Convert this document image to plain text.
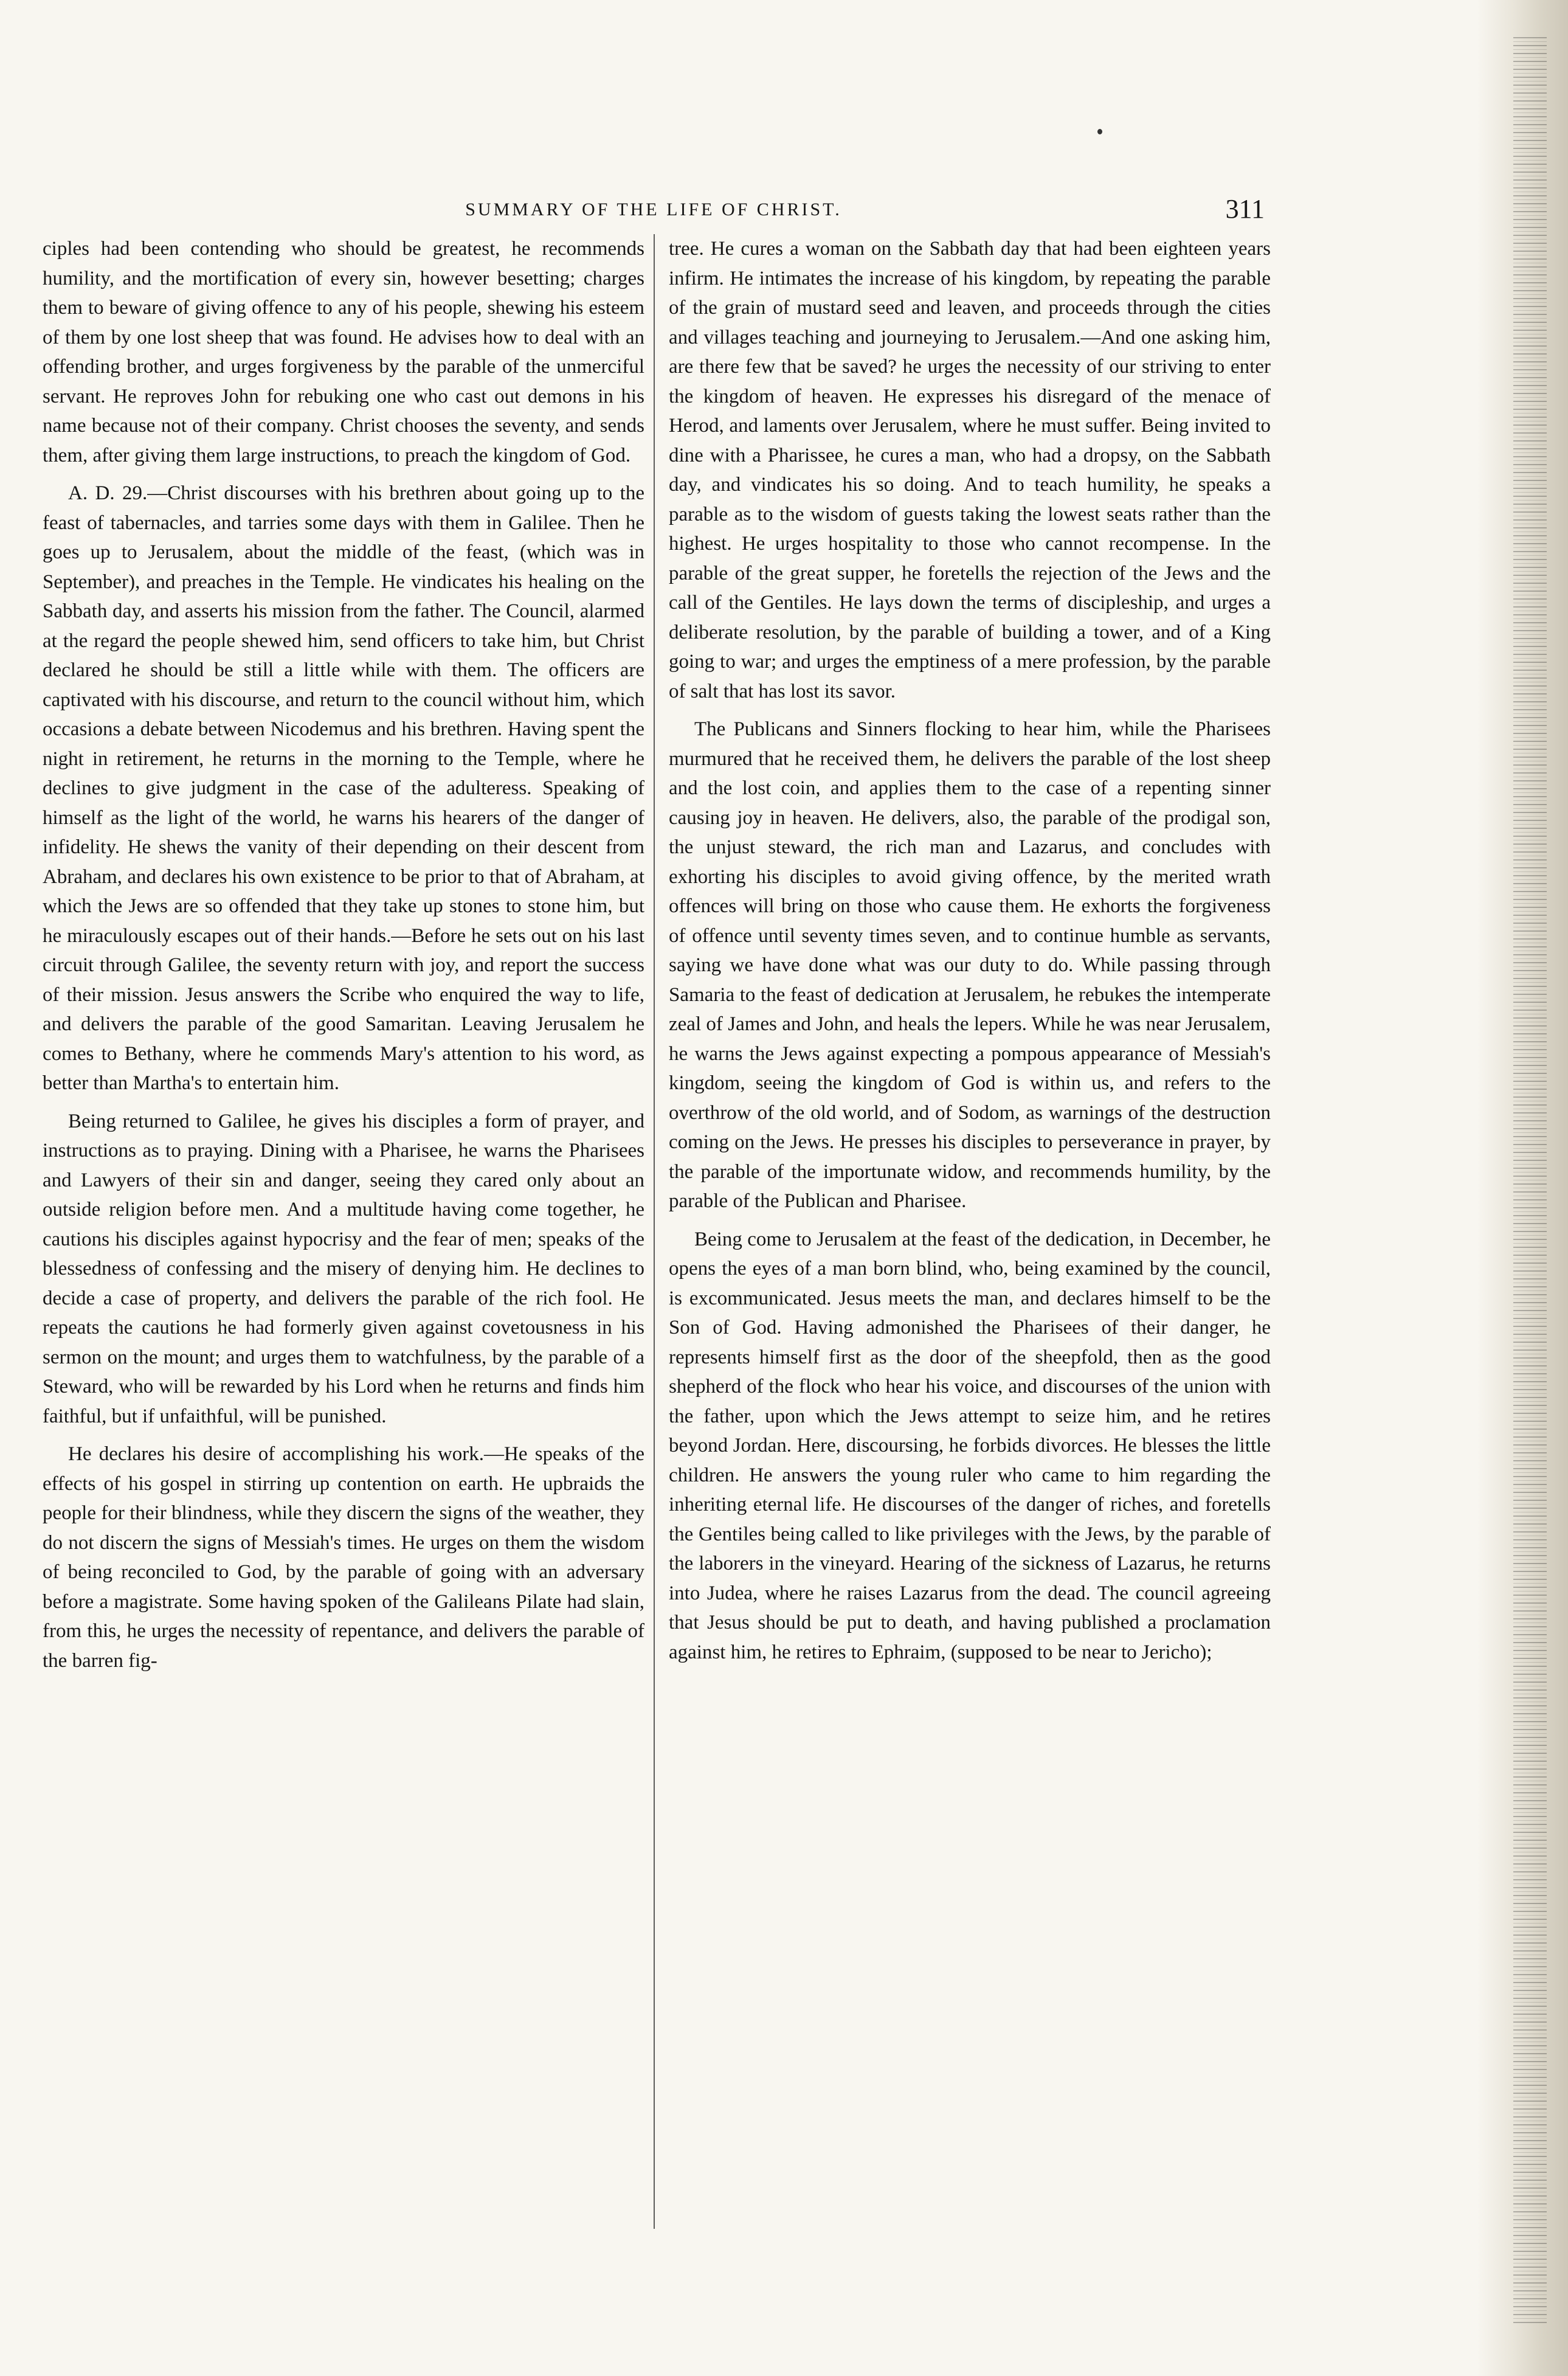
SUMMARY OF THE LIFE OF CHRIST.	311

ciples had been contending who should be greatest, he recommends humility, and the mortification of every sin, however besetting; charges them to beware of giving offence to any of his people, shewing his esteem of them by one lost sheep that was found. He advises how to deal with an offending brother, and urges forgiveness by the parable of the unmerciful servant. He reproves John for rebuking one who cast out demons in his name because not of their company. Christ chooses the seventy, and sends them, after giving them large instructions, to preach the kingdom of God.

A. D. 29.—Christ discourses with his brethren about going up to the feast of tabernacles, and tarries some days with them in Galilee. Then he goes up to Jerusalem, about the middle of the feast, (which was in September), and preaches in the Temple. He vindicates his healing on the Sabbath day, and asserts his mission from the father. The Council, alarmed at the regard the people shewed him, send officers to take him, but Christ declared he should be still a little while with them. The officers are captivated with his discourse, and return to the council without him, which occasions a debate between Nicodemus and his brethren. Having spent the night in retirement, he returns in the morning to the Temple, where he declines to give judgment in the case of the adulteress. Speaking of himself as the light of the world, he warns his hearers of the danger of infidelity. He shews the vanity of their depending on their descent from Abraham, and declares his own existence to be prior to that of Abraham, at which the Jews are so offended that they take up stones to stone him, but he miraculously escapes out of their hands.—Before he sets out on his last circuit through Galilee, the seventy return with joy, and report the success of their mission. Jesus answers the Scribe who enquired the way to life, and delivers the parable of the good Samaritan. Leaving Jerusalem he comes to Bethany, where he commends Mary's attention to his word, as better than Martha's to entertain him.

Being returned to Galilee, he gives his disciples a form of prayer, and instructions as to praying. Dining with a Pharisee, he warns the Pharisees and Lawyers of their sin and danger, seeing they cared only about an outside religion before men. And a multitude having come together, he cautions his disciples against hypocrisy and the fear of men; speaks of the blessedness of confessing and the misery of denying him. He declines to decide a case of property, and delivers the parable of the rich fool. He repeats the cautions he had formerly given against covetousness in his sermon on the mount; and urges them to watchfulness, by the parable of a Steward, who will be rewarded by his Lord when he returns and finds him faithful, but if unfaithful, will be punished.

He declares his desire of accomplishing his work.—He speaks of the effects of his gospel in stirring up contention on earth. He upbraids the people for their blindness, while they discern the signs of the weather, they do not discern the signs of Messiah's times. He urges on them the wisdom of being reconciled to God, by the parable of going with an adversary before a magistrate. Some having spoken of the Galileans Pilate had slain, from this, he urges the necessity of repentance, and delivers the parable of the barren fig-

tree. He cures a woman on the Sabbath day that had been eighteen years infirm. He intimates the increase of his kingdom, by repeating the parable of the grain of mustard seed and leaven, and proceeds through the cities and villages teaching and journeying to Jerusalem.—And one asking him, are there few that be saved? he urges the necessity of our striving to enter the kingdom of heaven. He expresses his disregard of the menace of Herod, and laments over Jerusalem, where he must suffer. Being invited to dine with a Pharissee, he cures a man, who had a dropsy, on the Sabbath day, and vindicates his so doing. And to teach humility, he speaks a parable as to the wisdom of guests taking the lowest seats rather than the highest. He urges hospitality to those who cannot recompense. In the parable of the great supper, he foretells the rejection of the Jews and the call of the Gentiles. He lays down the terms of discipleship, and urges a deliberate resolution, by the parable of building a tower, and of a King going to war; and urges the emptiness of a mere profession, by the parable of salt that has lost its savor.

The Publicans and Sinners flocking to hear him, while the Pharisees murmured that he received them, he delivers the parable of the lost sheep and the lost coin, and applies them to the case of a repenting sinner causing joy in heaven. He delivers, also, the parable of the prodigal son, the unjust steward, the rich man and Lazarus, and concludes with exhorting his disciples to avoid giving offence, by the merited wrath offences will bring on those who cause them. He exhorts the forgiveness of offence until seventy times seven, and to continue humble as servants, saying we have done what was our duty to do. While passing through Samaria to the feast of dedication at Jerusalem, he rebukes the intemperate zeal of James and John, and heals the lepers. While he was near Jerusalem, he warns the Jews against expecting a pompous appearance of Messiah's kingdom, seeing the kingdom of God is within us, and refers to the overthrow of the old world, and of Sodom, as warnings of the destruction coming on the Jews. He presses his disciples to perseverance in prayer, by the parable of the importunate widow, and recommends humility, by the parable of the Publican and Pharisee.

Being come to Jerusalem at the feast of the dedication, in December, he opens the eyes of a man born blind, who, being examined by the council, is excommunicated. Jesus meets the man, and declares himself to be the Son of God. Having admonished the Pharisees of their danger, he represents himself first as the door of the sheepfold, then as the good shepherd of the flock who hear his voice, and discourses of the union with the father, upon which the Jews attempt to seize him, and he retires beyond Jordan. Here, discoursing, he forbids divorces. He blesses the little children. He answers the young ruler who came to him regarding the inheriting eternal life. He discourses of the danger of riches, and foretells the Gentiles being called to like privileges with the Jews, by the parable of the laborers in the vineyard. Hearing of the sickness of Lazarus, he returns into Judea, where he raises Lazarus from the dead. The council agreeing that Jesus should be put to death, and having published a proclamation against him, he retires to Ephraim, (supposed to be near to Jericho);
